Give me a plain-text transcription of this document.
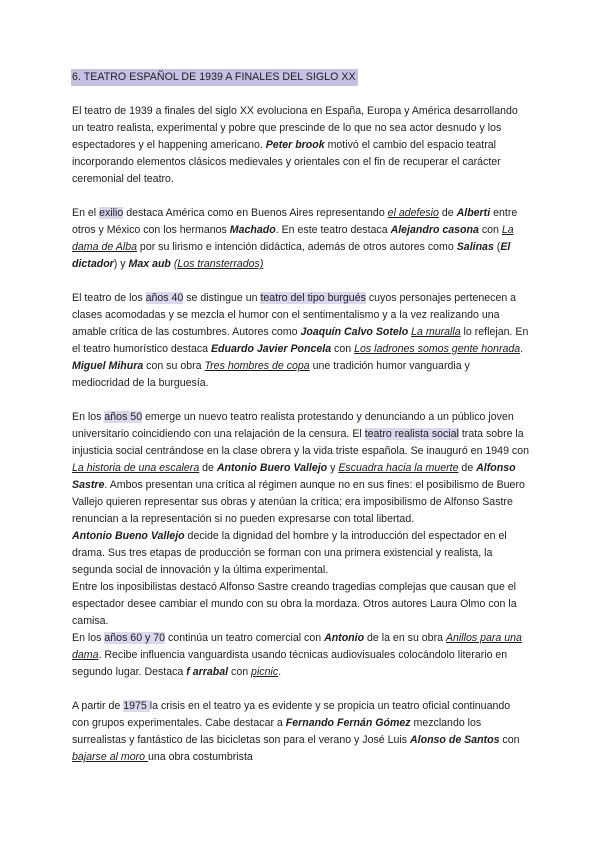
6. TEATRO ESPAÑOL DE 1939 A FINALES DEL SIGLO XX

El teatro de 1939 a finales del siglo XX evoluciona en España, Europa y América desarrollando un teatro realista, experimental y pobre que prescinde de lo que no sea actor desnudo y los espectadores y el happening americano. Peter brook motivó el cambio del espacio teatral incorporando elementos clásicos medievales y orientales con el fin de recuperar el carácter ceremonial del teatro.

En el exilio destaca América como en Buenos Aires representando el adefesio de Alberti entre otros y México con los hermanos Machado. En este teatro destaca Alejandro casona con La dama de Alba por su lirismo e intención didáctica, además de otros autores como Salinas (El dictador) y Max aub (Los transterrados)

El teatro de los años 40 se distingue un teatro del tipo burgués cuyos personajes pertenecen a clases acomodadas y se mezcla el humor con el sentimentalismo y a la vez realizando una amable crítica de las costumbres. Autores como Joaquín Calvo Sotelo La muralla lo reflejan. En el teatro humorístico destaca Eduardo Javier Poncela con Los ladrones somos gente honrada. Miguel Mihura con su obra Tres hombres de copa une tradición humor vanguardia y mediocridad de la burguesía.

En los años 50 emerge un nuevo teatro realista protestando y denunciando a un público joven universitario coincidiendo con una relajación de la censura. El teatro realista social trata sobre la injusticia social centrándose en la clase obrera y la vida triste española. Se inauguró en 1949 con La historia de una escalera de Antonio Buero Vallejo y Escuadra hacia la muerte de Alfonso Sastre. Ambos presentan una crítica al régimen aunque no en sus fines: el posibilismo de Buero Vallejo quieren representar sus obras y atenúan la crítica; era imposibilismo de Alfonso Sastre renuncian a la representación si no pueden expresarse con total libertad.

Antonio Bueno Vallejo decide la dignidad del hombre y la introducción del espectador en el drama. Sus tres etapas de producción se forman con una primera existencial y realista, la segunda social de innovación y la última experimental.

Entre los inposibilistas destacó Alfonso Sastre creando tragedias complejas que causan que el espectador desee cambiar el mundo con su obra la mordaza. Otros autores Laura Olmo con la camisa.

En los años 60 y 70 continúa un teatro comercial con Antonio de la en su obra Anillos para una dama. Recibe influencia vanguardista usando técnicas audiovisuales colocándolo literario en segundo lugar. Destaca f arrabal con picnic.

A partir de 1975 la crisis en el teatro ya es evidente y se propicia un teatro oficial continuando con grupos experimentales. Cabe destacar a Fernando Fernán Gómez mezclando los surrealistas y fantástico de las bicicletas son para el verano y José Luis Alonso de Santos con bajarse al moro una obra costumbrista
